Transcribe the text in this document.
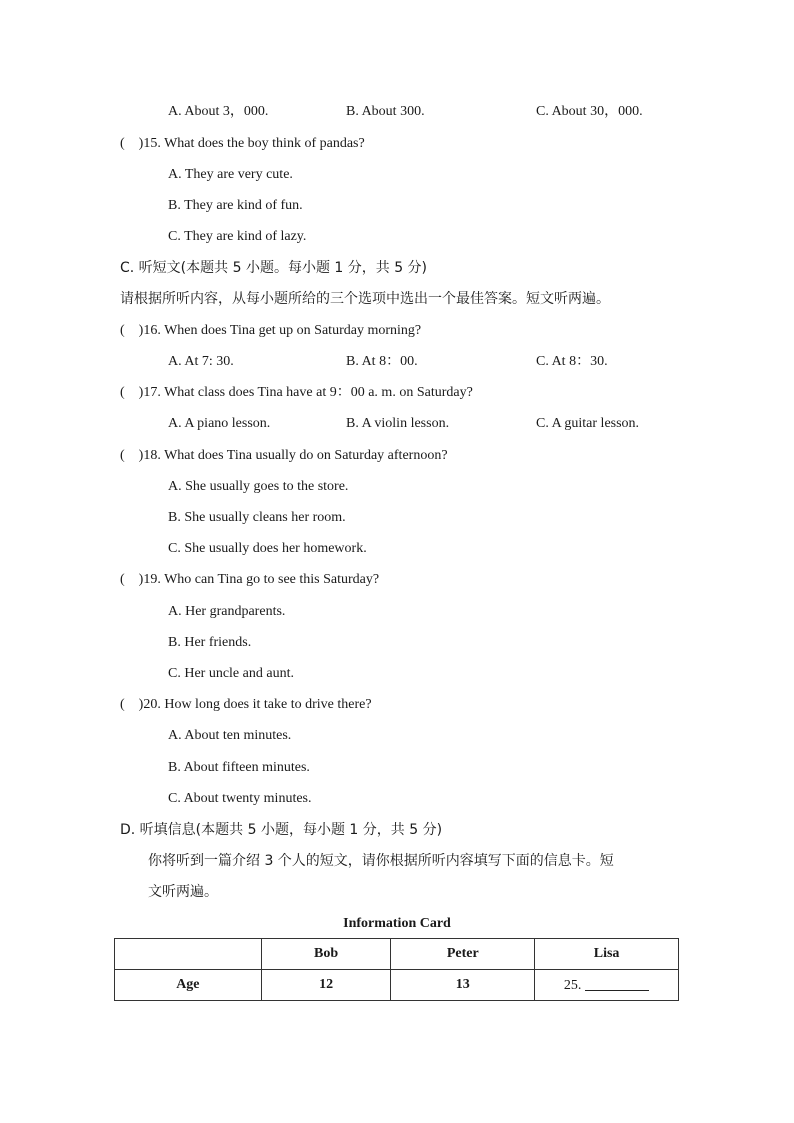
A. About 3，000.	B. About 300.	C. About 30，000.
(    )15. What does the boy think of pandas?
A. They are very cute.
B. They are kind of fun.
C. They are kind of lazy.
C. 听短文(本题共 5 小题。每小题 1 分，共 5 分)
请根据所听内容，从每小题所给的三个选项中选出一个最佳答案。短文听两遍。
(    )16. When does Tina get up on Saturday morning?
A. At 7: 30.	B. At 8：00.	C. At 8：30.
(    )17. What class does Tina have at 9：00 a. m. on Saturday?
A. A piano lesson.	B. A violin lesson.	C. A guitar lesson.
(    )18. What does Tina usually do on Saturday afternoon?
A. She usually goes to the store.
B. She usually cleans her room.
C. She usually does her homework.
(    )19. Who can Tina go to see this Saturday?
A. Her grandparents.
B. Her friends.
C. Her uncle and aunt.
(    )20. How long does it take to drive there?
A. About ten minutes.
B. About fifteen minutes.
C. About twenty minutes.
D. 听填信息(本题共 5 小题，每小题 1 分，共 5 分)
你将听到一篇介绍 3 个人的短文，请你根据所听内容填写下面的信息卡。短
文听两遍。
Information Card
	Bob	Peter	Lisa
Age	12	13	25.
